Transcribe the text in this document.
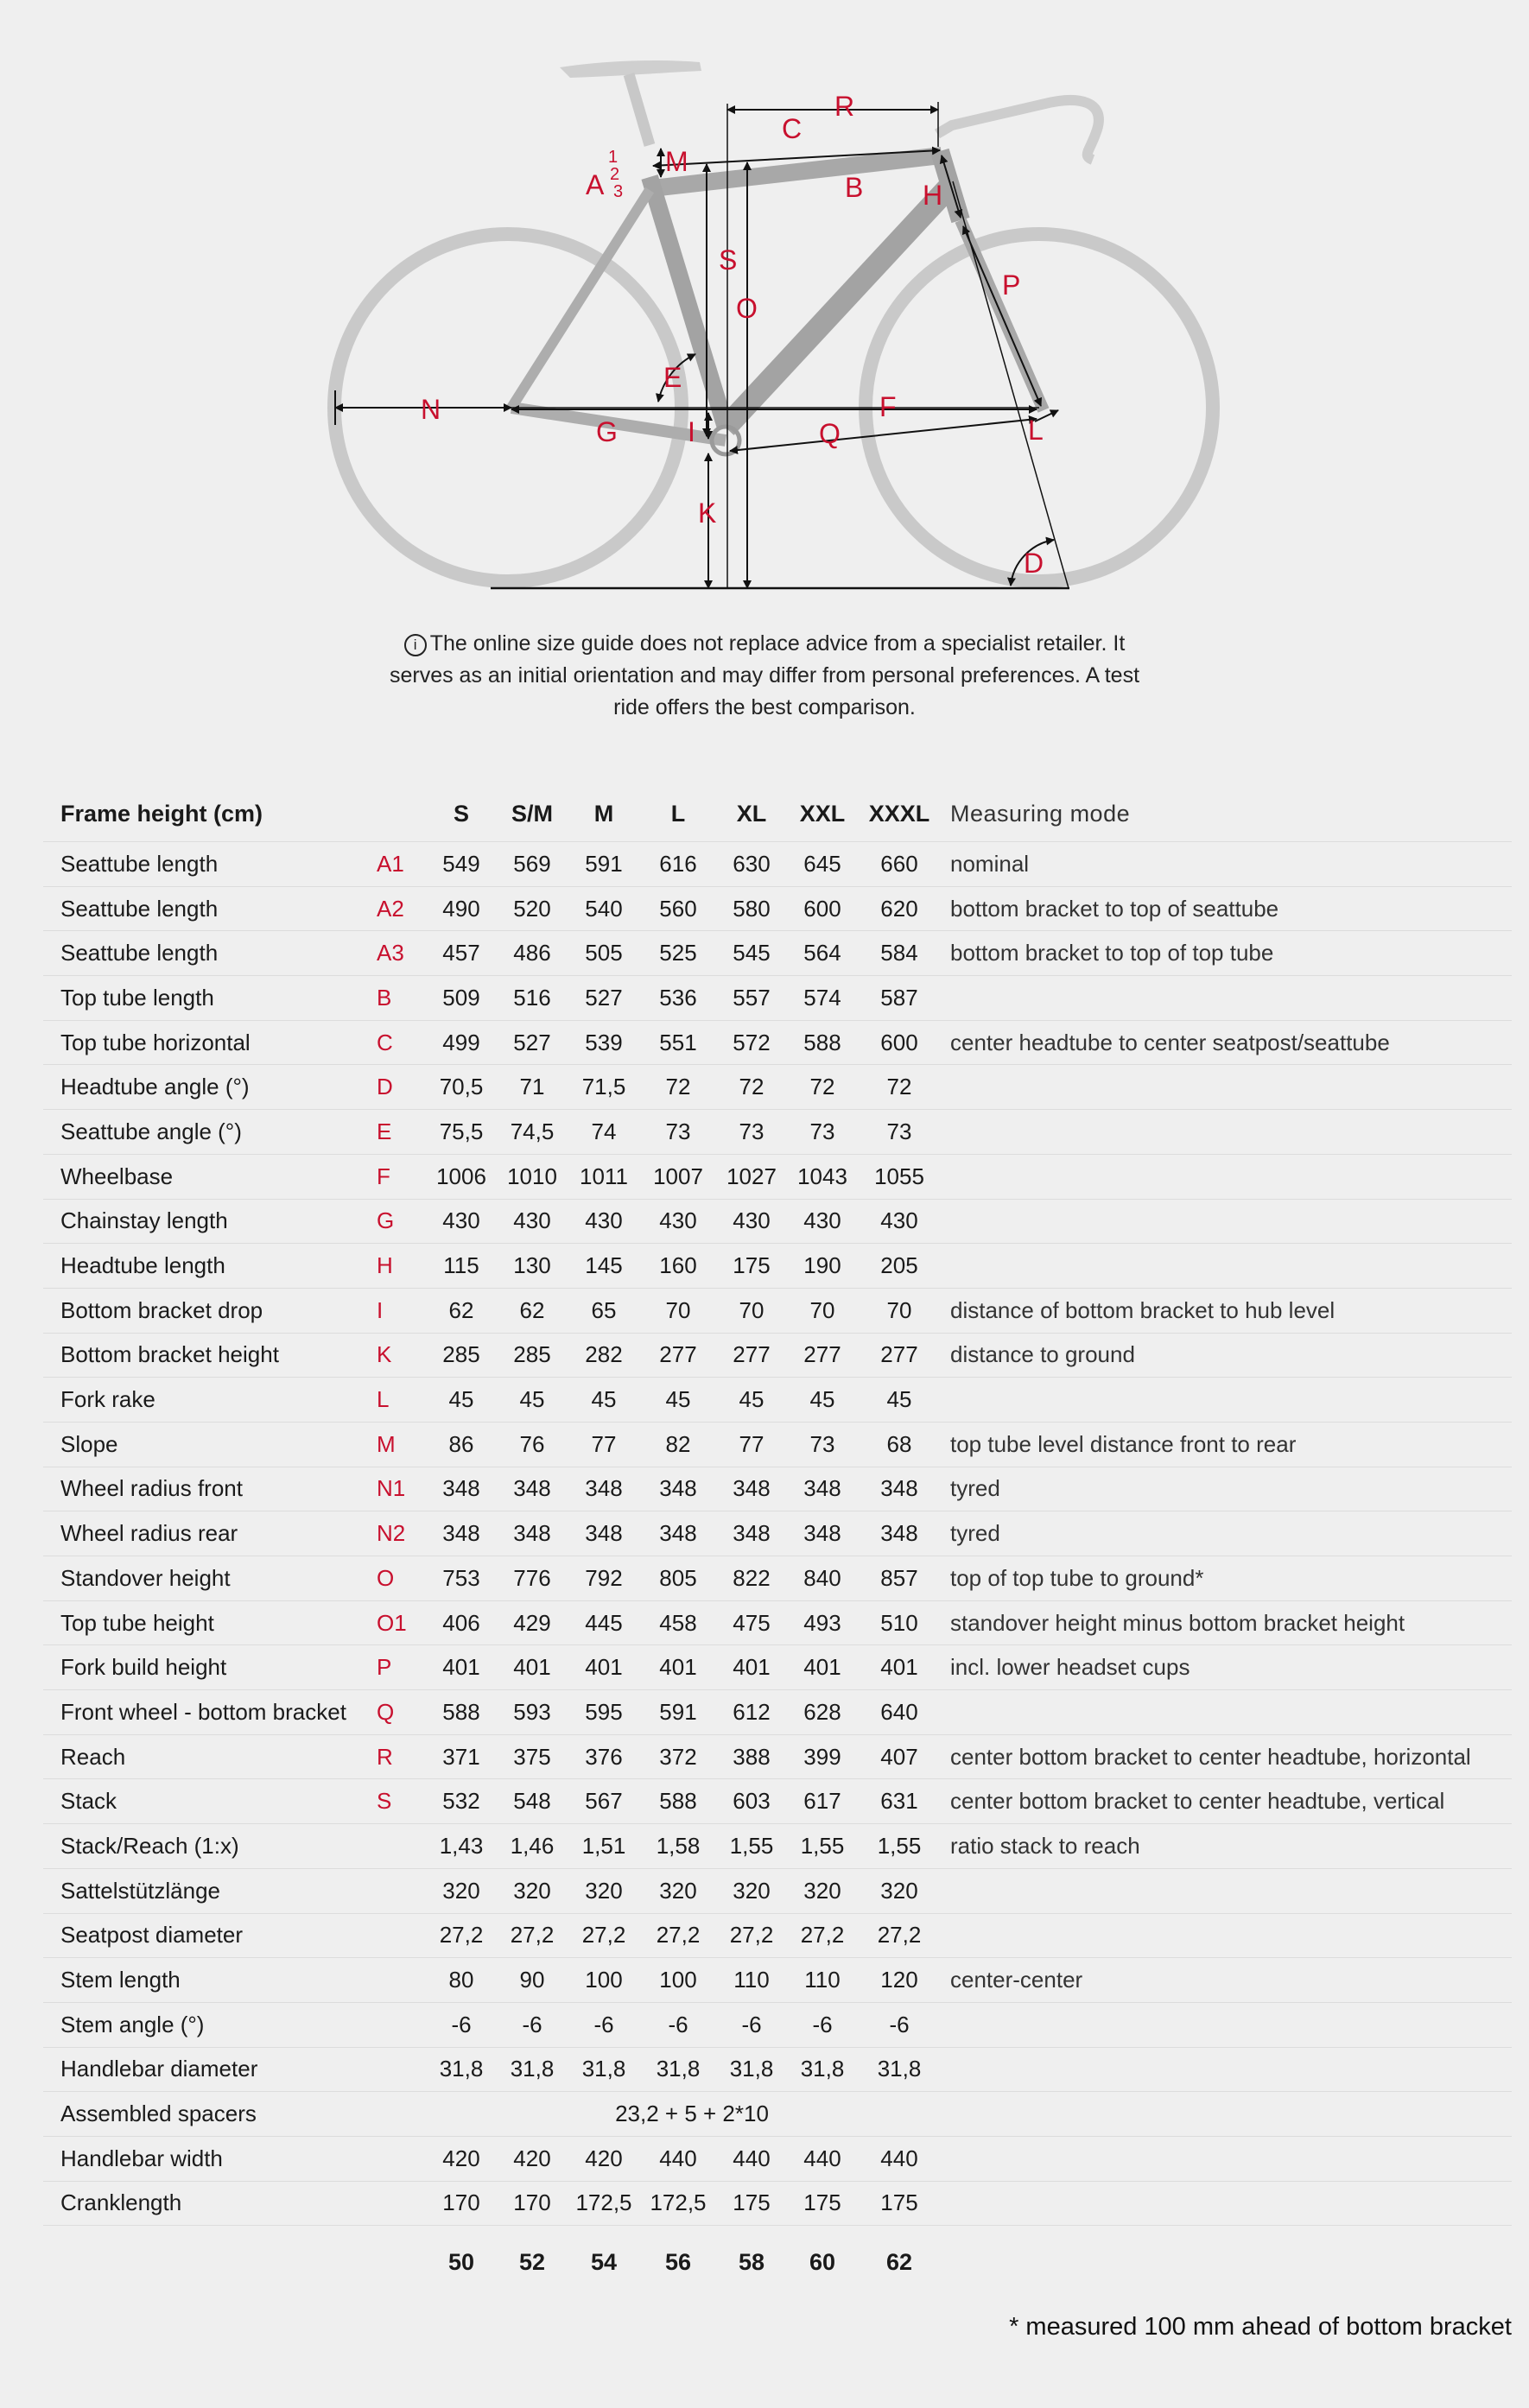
R
C
M
A
1
2
3	B H
S
O
P
E
N	F
G	I	Q	L
K
D
i The online size guide does not replace advice from a specialist retailer. It serves as an initial orientation and may differ from personal preferences. A test ride offers the best comparison.
Frame height (cm)		S	S/M	M	L	XL	XXL	XXXL	Measuring mode
Seattube length	A1	549	569	591	616	630	645	660	nominal
Seattube length	A2	490	520	540	560	580	600	620	bottom bracket to top of seattube
Seattube length	A3	457	486	505	525	545	564	584	bottom bracket to top of top tube
Top tube length	B	509	516	527	536	557	574	587	
Top tube horizontal	C	499	527	539	551	572	588	600	center headtube to center seatpost/seattube
Headtube angle (°)	D	70,5	71	71,5	72	72	72	72	
Seattube angle (°)	E	75,5	74,5	74	73	73	73	73	
Wheelbase	F	1006	1010	1011	1007	1027	1043	1055	
Chainstay length	G	430	430	430	430	430	430	430	
Headtube length	H	115	130	145	160	175	190	205	
Bottom bracket drop	I	62	62	65	70	70	70	70	distance of bottom bracket to hub level
Bottom bracket height	K	285	285	282	277	277	277	277	distance to ground
Fork rake	L	45	45	45	45	45	45	45	
Slope	M	86	76	77	82	77	73	68	top tube level distance front to rear
Wheel radius front	N1	348	348	348	348	348	348	348	tyred
Wheel radius rear	N2	348	348	348	348	348	348	348	tyred
Standover height	O	753	776	792	805	822	840	857	top of top tube to ground*
Top tube height	O1	406	429	445	458	475	493	510	standover height minus bottom bracket height
Fork build height	P	401	401	401	401	401	401	401	incl. lower headset cups
Front wheel - bottom bracket	Q	588	593	595	591	612	628	640	
Reach	R	371	375	376	372	388	399	407	center bottom bracket to center headtube, horizontal
Stack	S	532	548	567	588	603	617	631	center bottom bracket to center headtube, vertical
Stack/Reach (1:x)		1,43	1,46	1,51	1,58	1,55	1,55	1,55	ratio stack to reach
Sattelstützlänge		320	320	320	320	320	320	320	
Seatpost diameter		27,2	27,2	27,2	27,2	27,2	27,2	27,2	
Stem length		80	90	100	100	110	110	120	center-center
Stem angle (°)		-6	-6	-6	-6	-6	-6	-6	
Handlebar diameter		31,8	31,8	31,8	31,8	31,8	31,8	31,8	
Assembled spacers		23,2 + 5 + 2*10							
Handlebar width		420	420	420	440	440	440	440	
Cranklength		170	170	172,5	172,5	175	175	175	
		50	52	54	56	58	60	62	
* measured 100 mm ahead of bottom bracket
